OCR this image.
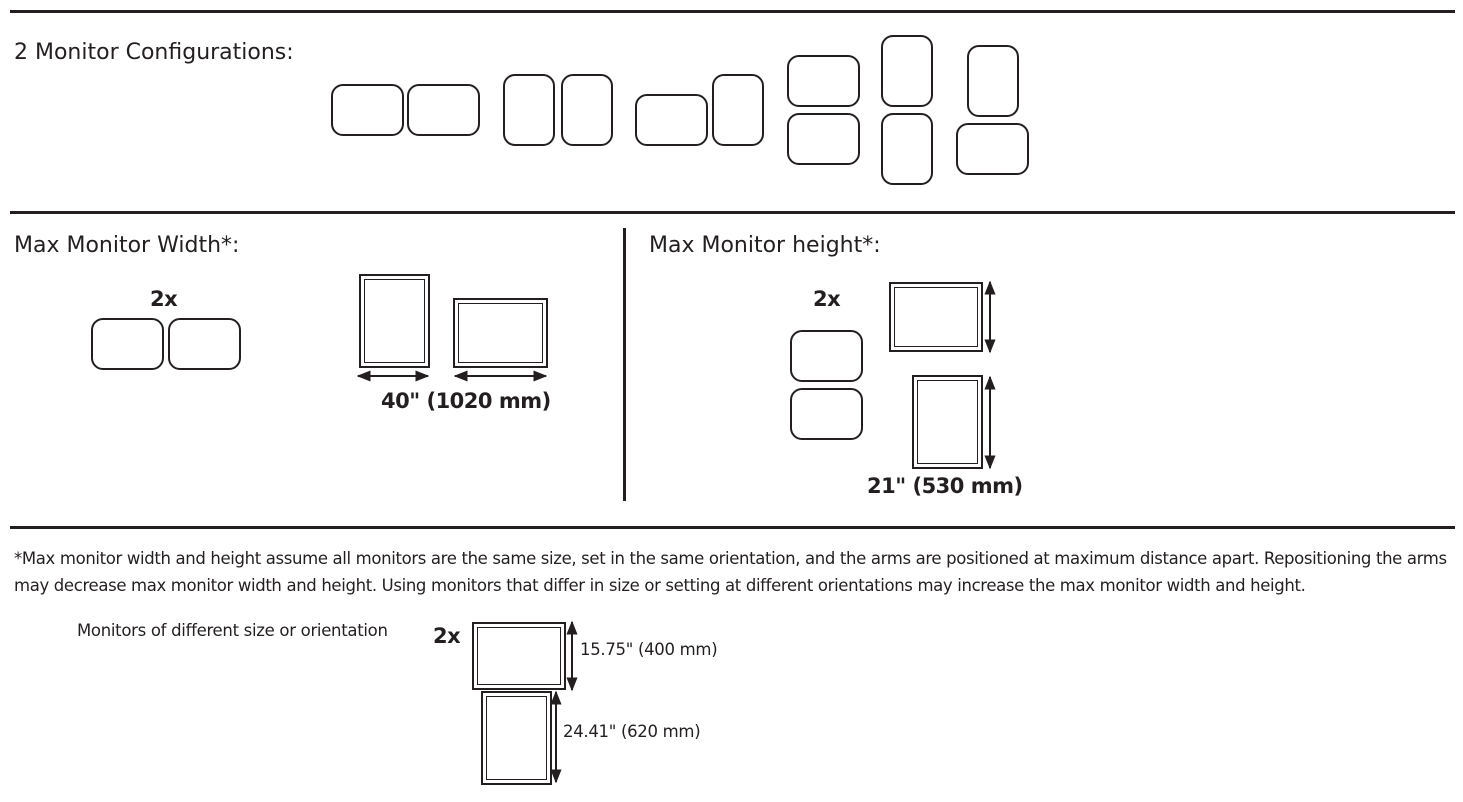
2 Monitor Configurations:
Max Monitor Width*:
2x
40" (1020 mm)
Max Monitor height*:
2x
21" (530 mm)
*Max monitor width and height assume all monitors are the same size, set in the same orientation, and the arms are positioned at maximum distance apart. Repositioning the arms may decrease max monitor width and height. Using monitors that differ in size or setting at different orientations may increase the max monitor width and height.
Monitors of different size or orientation 2x
15.75" (400 mm)
24.41" (620 mm)
